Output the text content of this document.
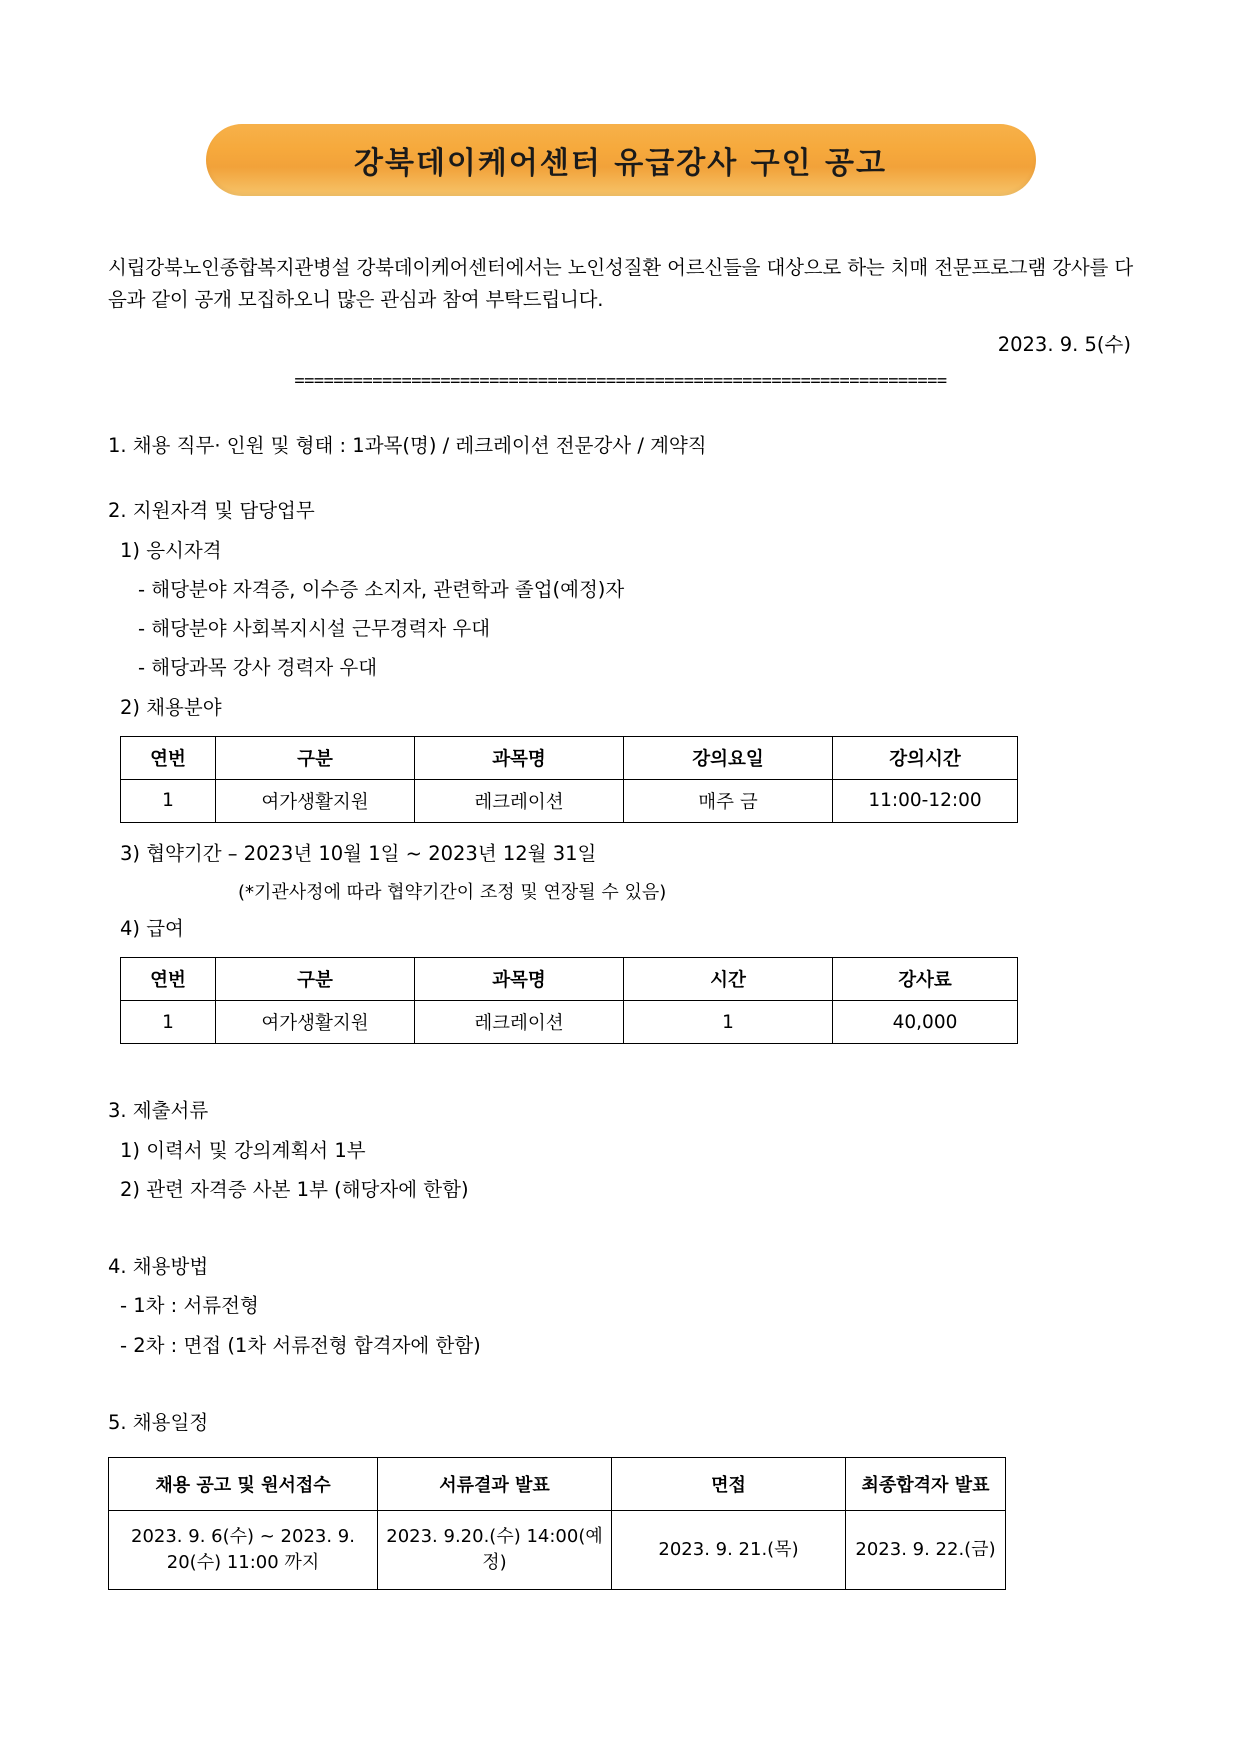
강북데이케어센터 유급강사 구인 공고
시립강북노인종합복지관병설 강북데이케어센터에서는 노인성질환 어르신들을 대상으로 하는 치매 전문프로그램 강사를 다음과 같이 공개 모집하오니 많은 관심과 참여 부탁드립니다.
2023. 9. 5(수)
===================================================================
1. 채용 직무· 인원 및 형태 : 1과목(명) / 레크레이션 전문강사 / 계약직
2. 지원자격 및 담당업무
1) 응시자격
- 해당분야 자격증, 이수증 소지자, 관련학과 졸업(예정)자
- 해당분야 사회복지시설 근무경력자 우대
- 해당과목 강사 경력자 우대
2) 채용분야
연번	구분	과목명	강의요일	강의시간
1	여가생활지원	레크레이션	매주 금	11:00-12:00
3) 협약기간 – 2023년 10월 1일 ~ 2023년 12월 31일
(*기관사정에 따라 협약기간이 조정 및 연장될 수 있음)
4) 급여
연번	구분	과목명	시간	강사료
1	여가생활지원	레크레이션	1	40,000
3. 제출서류
1) 이력서 및 강의계획서 1부
2) 관련 자격증 사본 1부 (해당자에 한함)
4. 채용방법
- 1차 : 서류전형
- 2차 : 면접 (1차 서류전형 합격자에 한함)
5. 채용일정
채용 공고 및 원서접수	서류결과 발표	면접	최종합격자 발표
2023. 9. 6(수) ~ 2023. 9. 20(수) 11:00 까지	2023. 9.20.(수) 14:00(예정)	2023. 9. 21.(목)	2023. 9. 22.(금)
